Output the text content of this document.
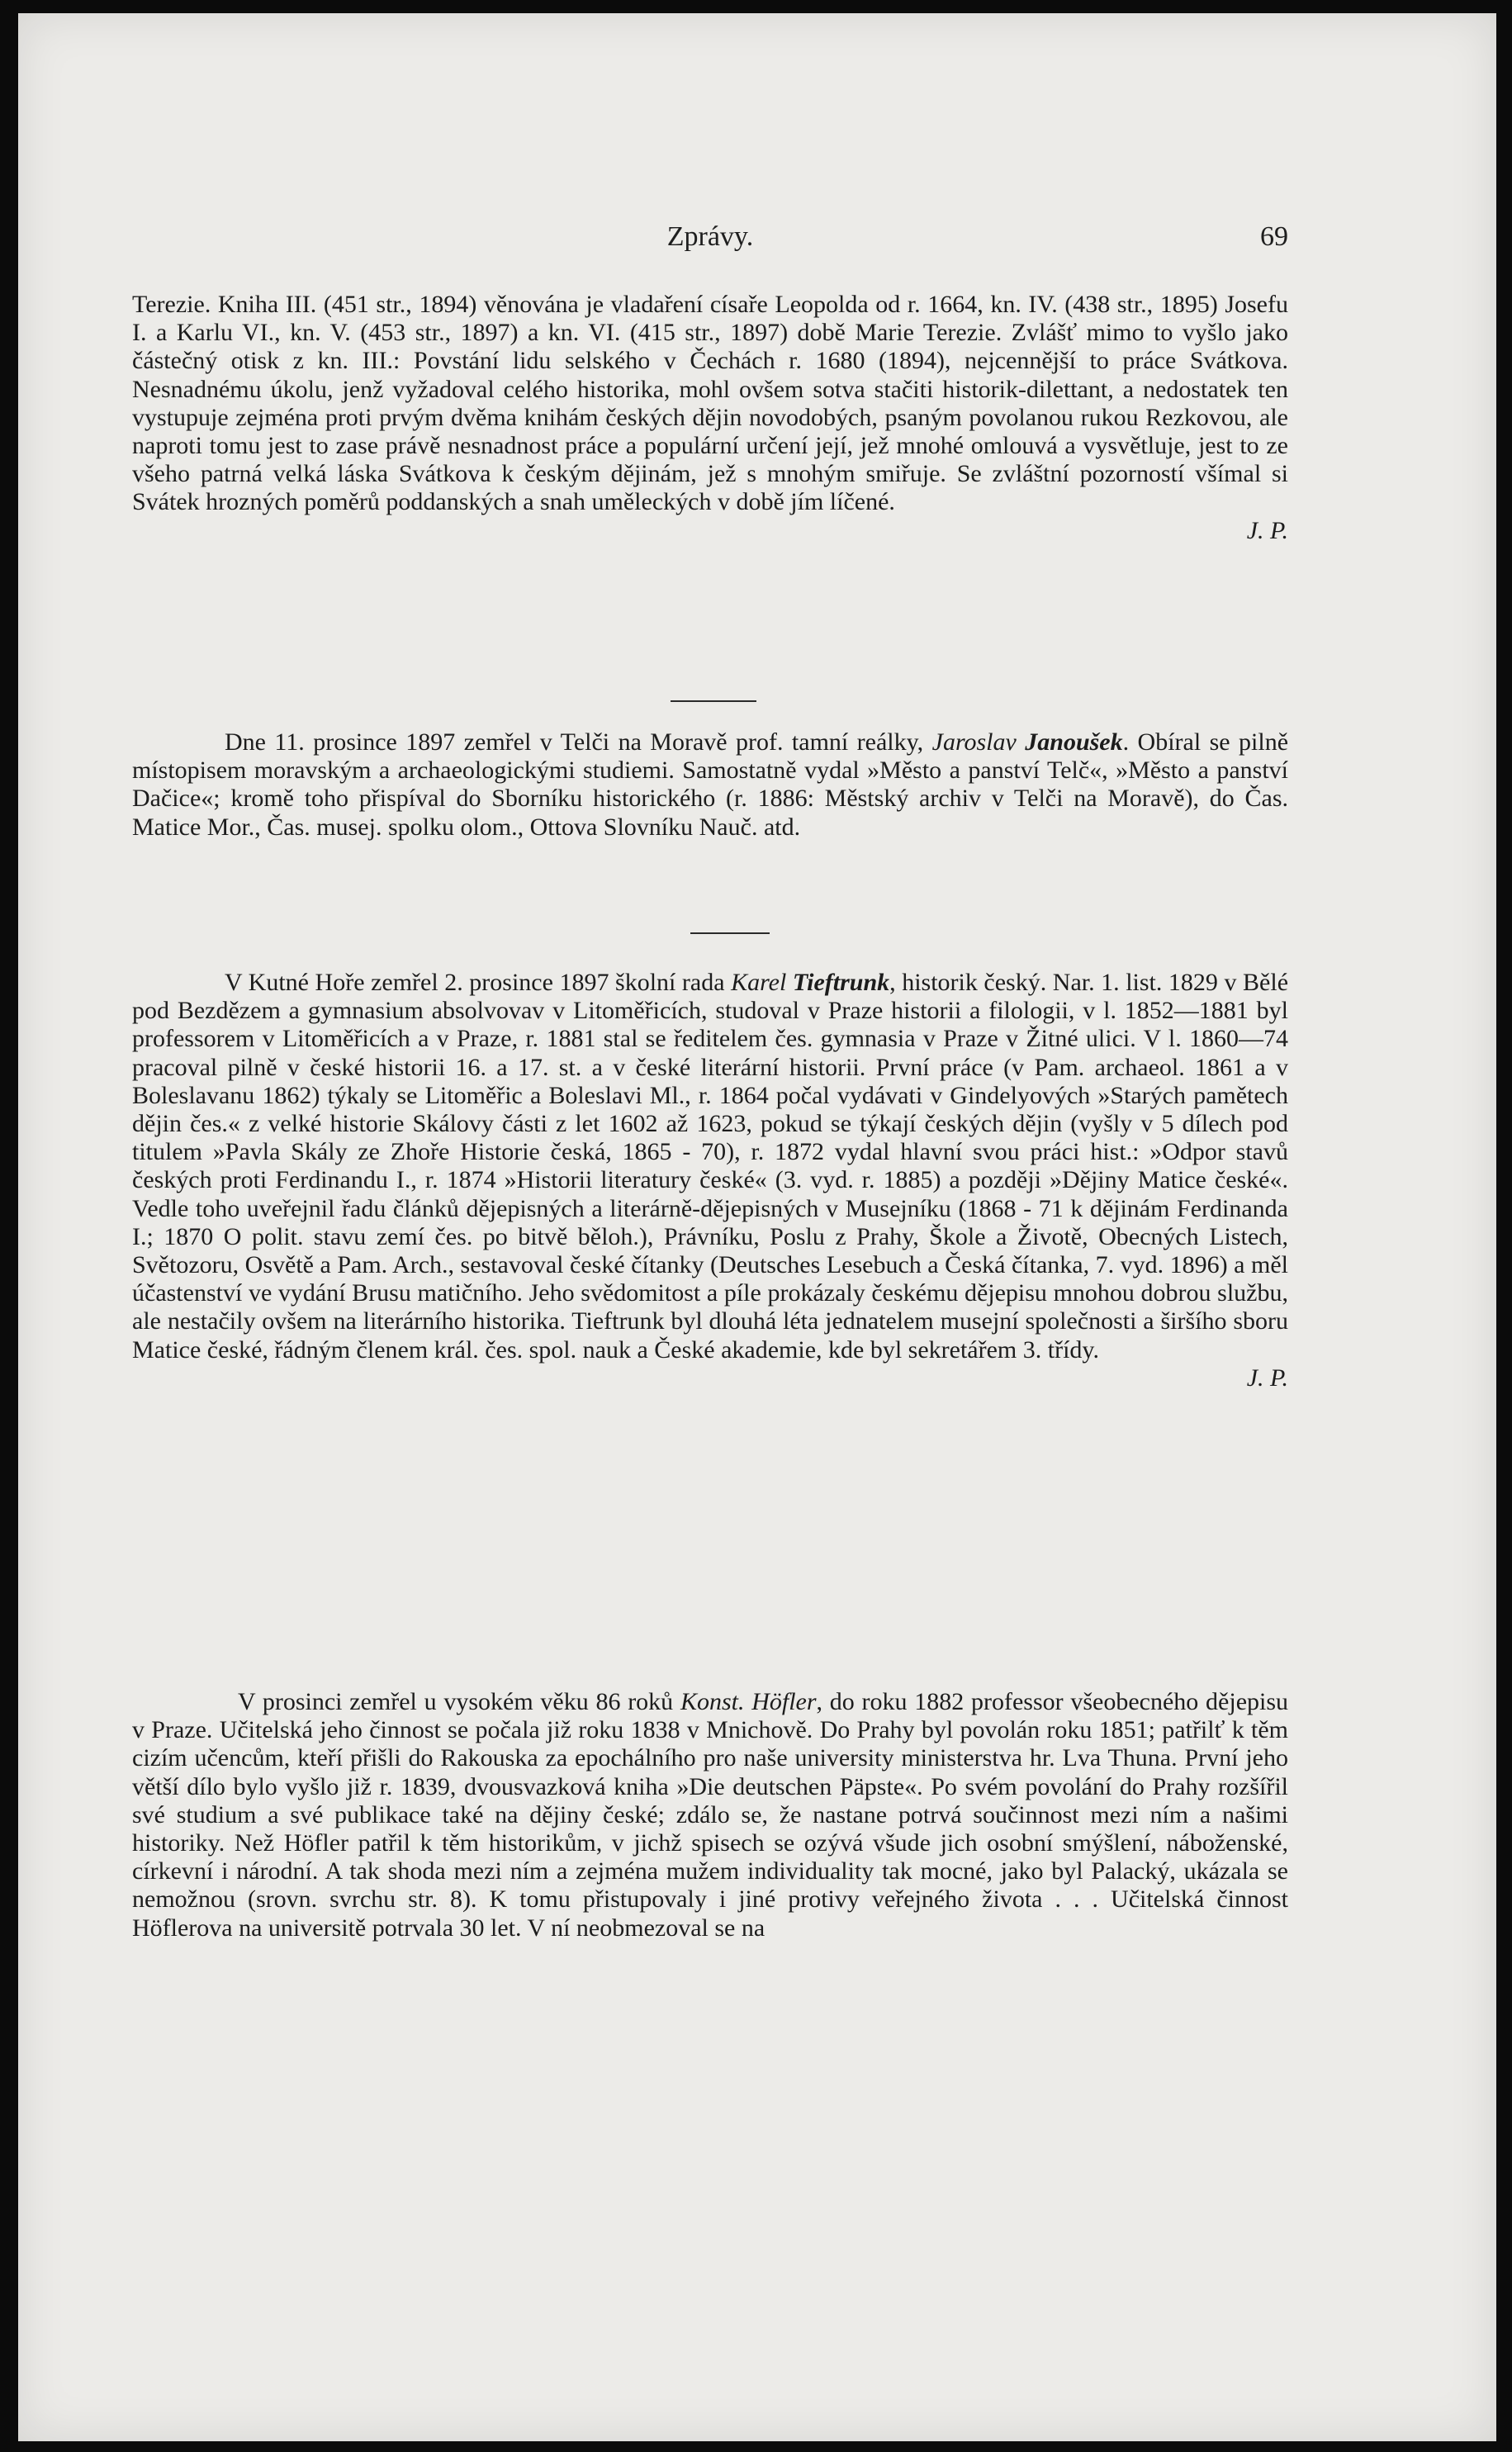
Zprávy.	69

Terezie. Kniha III. (451 str., 1894) věnována je vladaření císaře Leopolda od r. 1664, kn. IV. (438 str., 1895) Josefu I. a Karlu VI., kn. V. (453 str., 1897) a kn. VI. (415 str., 1897) době Marie Terezie. Zvlášť mimo to vyšlo jako částečný otisk z kn. III.: Povstání lidu selského v Čechách r. 1680 (1894), nejcennější to práce Svátkova. Nesnadnému úkolu, jenž vyžadoval celého historika, mohl ovšem sotva stačiti historik-dilettant, a nedostatek ten vystupuje zejména proti prvým dvěma knihám českých dějin novodobých, psaným povolanou rukou Rezkovou, ale naproti tomu jest to zase právě nesnadnost práce a populární určení její, jež mnohé omlouvá a vysvětluje, jest to ze všeho patrná velká láska Svátkova k českým dějinám, jež s mnohým smiřuje. Se zvláštní pozorností všímal si Svátek hrozných poměrů poddanských a snah uměleckých v době jím líčené.
J. P.

Dne 11. prosince 1897 zemřel v Telči na Moravě prof. tamní reálky, Jaroslav Janoušek. Obíral se pilně místopisem moravským a archaeologickými studiemi. Samostatně vydal »Město a panství Telč«, »Město a panství Dačice«; kromě toho přispíval do Sborníku historického (r. 1886: Městský archiv v Telči na Moravě), do Čas. Matice Mor., Čas. musej. spolku olom., Ottova Slovníku Nauč. atd.

V Kutné Hoře zemřel 2. prosince 1897 školní rada Karel Tieftrunk, historik český. Nar. 1. list. 1829 v Bělé pod Bezdězem a gymnasium absolvovav v Litoměřicích, studoval v Praze historii a filologii, v l. 1852—1881 byl professorem v Litoměřicích a v Praze, r. 1881 stal se ředitelem čes. gymnasia v Praze v Žitné ulici. V l. 1860—74 pracoval pilně v české historii 16. a 17. st. a v české literární historii. První práce (v Pam. archaeol. 1861 a v Boleslavanu 1862) týkaly se Litoměřic a Boleslavi Ml., r. 1864 počal vydávati v Gindelyových »Starých pamětech dějin čes.« z velké historie Skálovy části z let 1602 až 1623, pokud se týkají českých dějin (vyšly v 5 dílech pod titulem »Pavla Skály ze Zhoře Historie česká, 1865 - 70), r. 1872 vydal hlavní svou práci hist.: »Odpor stavů českých proti Ferdinandu I., r. 1874 »Historii literatury české« (3. vyd. r. 1885) a později »Dějiny Matice české«. Vedle toho uveřejnil řadu článků dějepisných a literárně-dějepisných v Musejníku (1868 - 71 k dějinám Ferdinanda I.; 1870 O polit. stavu zemí čes. po bitvě běloh.), Právníku, Poslu z Prahy, Škole a Životě, Obecných Listech, Světozoru, Osvětě a Pam. Arch., sestavoval české čítanky (Deutsches Lesebuch a Česká čítanka, 7. vyd. 1896) a měl účastenství ve vydání Brusu matičního. Jeho svědomitost a píle prokázaly českému dějepisu mnohou dobrou službu, ale nestačily ovšem na literárního historika. Tieftrunk byl dlouhá léta jednatelem musejní společnosti a širšího sboru Matice české, řádným členem král. čes. spol. nauk a České akademie, kde byl sekretářem 3. třídy.
J. P.

V prosinci zemřel u vysokém věku 86 roků Konst. Höfler, do roku 1882 professor všeobecného dějepisu v Praze. Učitelská jeho činnost se počala již roku 1838 v Mnichově. Do Prahy byl povolán roku 1851; patřilť k těm cizím učencům, kteří přišli do Rakouska za epochálního pro naše university ministerstva hr. Lva Thuna. První jeho větší dílo bylo vyšlo již r. 1839, dvousvazková kniha »Die deutschen Päpste«. Po svém povolání do Prahy rozšířil své studium a své publikace také na dějiny české; zdálo se, že nastane potrvá součinnost mezi ním a našimi historiky. Než Höfler patřil k těm historikům, v jichž spisech se ozývá všude jich osobní smýšlení, náboženské, církevní i národní. A tak shoda mezi ním a zejména mužem individuality tak mocné, jako byl Palacký, ukázala se nemožnou (srovn. svrchu str. 8). K tomu přistupovaly i jiné protivy veřejného života . . . Učitelská činnost Höflerova na universitě potrvala 30 let. V ní neobmezoval se na
